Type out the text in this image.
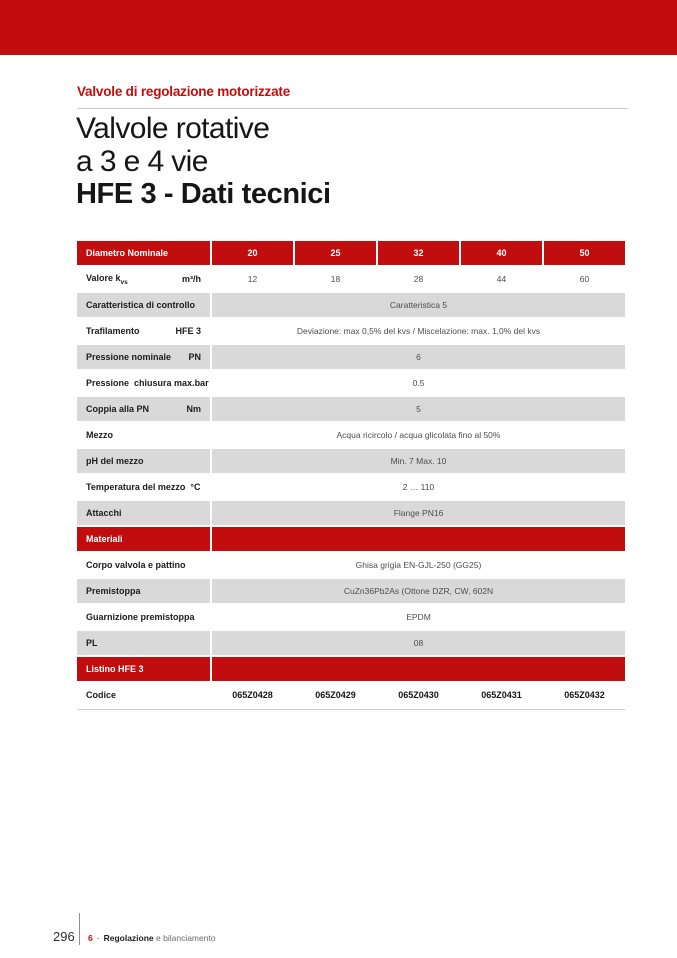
Valvole di regolazione motorizzate
Valvole rotative
a 3 e 4 vie
HFE 3 - Dati tecnici
Diametro Nominale	20	25	32	40	50
Valore $k_{vs}$	m³/h	12	18	28	44	60
Caratteristica di controllo	Caratteristica 5
Trafilamento	HFE 3	Deviazione: max 0,5% del kvs / Miscelazione: max. 1,0% del kvs
Pressione nominale PN	6
Pressione  chiusura max. bar	0.5
Coppia alla PN	Nm	5
Mezzo	Acqua ricircolo / acqua glicolata fino al 50%
pH del mezzo	Min. 7 Max. 10
Temperatura del mezzo  °C	2 … 110
Attacchi	Flange PN16
Materiali
Corpo valvola e pattino	Ghisa grigia EN-GJL-250 (GG25)
Premistoppa	CuZn36Pb2As (Ottone DZR, CW, 602N
Guarnizione premistoppa	EPDM
PL	08
Listino HFE 3
Codice	065Z0428	065Z0429	065Z0430	065Z0431	065Z0432
296 6 - Regolazione e bilanciamento
